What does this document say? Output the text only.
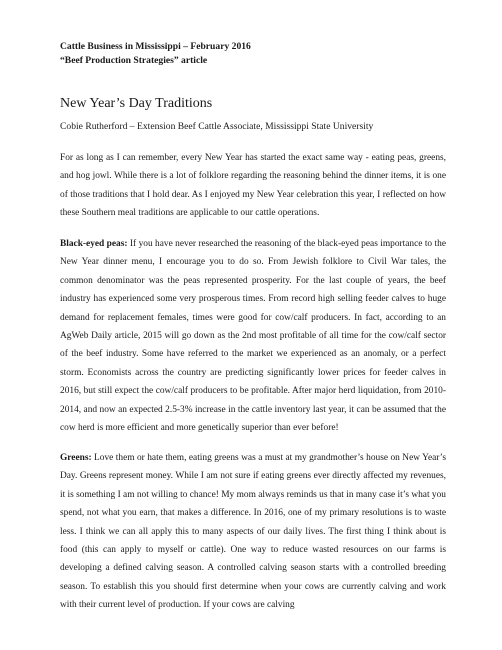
Cattle Business in Mississippi – February 2016

“Beef Production Strategies” article

New Year’s Day Traditions

Cobie Rutherford – Extension Beef Cattle Associate, Mississippi State University

For as long as I can remember, every New Year has started the exact same way - eating peas, greens, and hog jowl. While there is a lot of folklore regarding the reasoning behind the dinner items, it is one of those traditions that I hold dear. As I enjoyed my New Year celebration this year, I reflected on how these Southern meal traditions are applicable to our cattle operations.

Black-eyed peas: If you have never researched the reasoning of the black-eyed peas importance to the New Year dinner menu, I encourage you to do so. From Jewish folklore to Civil War tales, the common denominator was the peas represented prosperity. For the last couple of years, the beef industry has experienced some very prosperous times. From record high selling feeder calves to huge demand for replacement females, times were good for cow/calf producers. In fact, according to an AgWeb Daily article, 2015 will go down as the 2nd most profitable of all time for the cow/calf sector of the beef industry. Some have referred to the market we experienced as an anomaly, or a perfect storm. Economists across the country are predicting significantly lower prices for feeder calves in 2016, but still expect the cow/calf producers to be profitable. After major herd liquidation, from 2010-2014, and now an expected 2.5-3% increase in the cattle inventory last year, it can be assumed that the cow herd is more efficient and more genetically superior than ever before!

Greens: Love them or hate them, eating greens was a must at my grandmother’s house on New Year’s Day. Greens represent money. While I am not sure if eating greens ever directly affected my revenues, it is something I am not willing to chance! My mom always reminds us that in many case it’s what you spend, not what you earn, that makes a difference. In 2016, one of my primary resolutions is to waste less. I think we can all apply this to many aspects of our daily lives. The first thing I think about is food (this can apply to myself or cattle). One way to reduce wasted resources on our farms is developing a defined calving season. A controlled calving season starts with a controlled breeding season. To establish this you should first determine when your cows are currently calving and work with their current level of production. If your cows are calving
